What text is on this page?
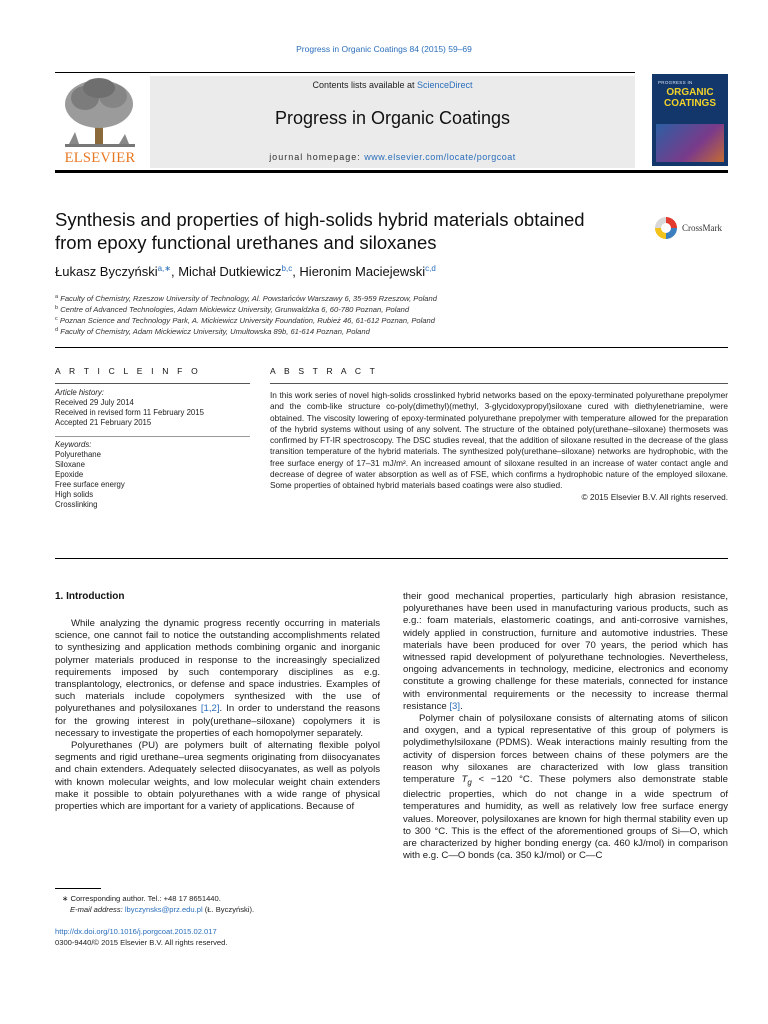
Progress in Organic Coatings 84 (2015) 59–69
ELSEVIER
Contents lists available at ScienceDirect
Progress in Organic Coatings
journal homepage: www.elsevier.com/locate/porgcoat
PROGRESS IN
ORGANIC
COATINGS
Synthesis and properties of high-solids hybrid materials obtained from epoxy functional urethanes and siloxanes
CrossMark
Łukasz Byczyński$^{a,∗}$, Michał Dutkiewicz$^{b,c}$, Hieronim Maciejewski$^{c,d}$
$^a$ Faculty of Chemistry, Rzeszow University of Technology, Al. Powstańców Warszawy 6, 35-959 Rzeszow, Poland
$^b$ Centre of Advanced Technologies, Adam Mickiewicz University, Grunwaldzka 6, 60-780 Poznan, Poland
$^c$ Poznan Science and Technology Park, A. Mickiewicz University Foundation, Rubież 46, 61-612 Poznan, Poland
$^d$ Faculty of Chemistry, Adam Mickiewicz University, Umultowska 89b, 61-614 Poznan, Poland
A R T I C L E I N F O
Article history:
Received 29 July 2014
Received in revised form 11 February 2015
Accepted 21 February 2015
Keywords:
Polyurethane
Siloxane
Epoxide
Free surface energy
High solids
Crosslinking
A B S T R A C T
In this work series of novel high-solids crosslinked hybrid networks based on the epoxy-terminated polyurethane prepolymer and the comb-like structure co-poly(dimethyl)(methyl, 3-glycidoxypropyl)siloxane cured with diethylenetriamine, were obtained. The viscosity lowering of epoxy-terminated polyurethane prepolymer with temperature allowed for the preparation of the hybrid systems without using of any solvent. The structure of the obtained poly(urethane–siloxane) thermosets was confirmed by FT-IR spectroscopy. The DSC studies reveal, that the addition of siloxane resulted in the decrease of the glass transition temperature of the hybrid materials. The synthesized poly(urethane–siloxane) networks are hydrophobic, with the free surface energy of 17–31 mJ/m². An increased amount of siloxane resulted in an increase of water contact angle and decrease of degree of water absorption as well as of FSE, which confirms a hydrophobic nature of the employed siloxane. Some properties of obtained hybrid materials based coatings were also studied.
© 2015 Elsevier B.V. All rights reserved.
1. Introduction

While analyzing the dynamic progress recently occurring in materials science, one cannot fail to notice the outstanding accomplishments related to synthesizing and application methods combining organic and inorganic polymer materials produced in response to the increasingly specialized requirements imposed by such contemporary disciplines as e.g. transplantology, electronics, or defense and space industries. Examples of such materials include copolymers synthesized with the use of polyurethanes and polysiloxanes [1,2]. In order to understand the reasons for the growing interest in poly(urethane–siloxane) copolymers it is necessary to investigate the properties of each homopolymer separately.

Polyurethanes (PU) are polymers built of alternating flexible polyol segments and rigid urethane–urea segments originating from diisocyanates and chain extenders. Adequately selected diisocyanates, as well as polyols with known molecular weights, and low molecular weight chain extenders make it possible to obtain polyurethanes with a wide range of physical properties which are important for a variety of applications. Because of

their good mechanical properties, particularly high abrasion resistance, polyurethanes have been used in manufacturing various products, such as e.g.: foam materials, elastomeric coatings, and anti-corrosive varnishes, widely applied in construction, furniture and automotive industries. These materials have been produced for over 70 years, the period which has witnessed rapid development of polyurethane technologies. Nevertheless, ongoing advancements in technology, medicine, electronics and economy constitute a growing challenge for these materials, connected for instance with environmental requirements or the necessity to increase thermal resistance [3].

Polymer chain of polysiloxane consists of alternating atoms of silicon and oxygen, and a typical representative of this group of polymers is polydimethylsiloxane (PDMS). Weak interactions mainly resulting from the activity of dispersion forces between chains of these polymers are the reason why siloxanes are characterized with low glass transition temperature $T_g < -120$ °C. These polymers also demonstrate stable dielectric properties, which do not change in a wide spectrum of temperatures and humidity, as well as relatively low free surface energy values. Moreover, polysiloxanes are known for high thermal stability even up to 300 °C. This is the effect of the aforementioned groups of Si—O, which are characterized by higher bonding energy (ca. 460 kJ/mol) in comparison with e.g. C—O bonds (ca. 350 kJ/mol) or C—C

∗ Corresponding author. Tel.: +48 17 8651440.
E-mail address: lbyczynsks@prz.edu.pl (Ł. Byczyński).
http://dx.doi.org/10.1016/j.porgcoat.2015.02.017
0300-9440/© 2015 Elsevier B.V. All rights reserved.
